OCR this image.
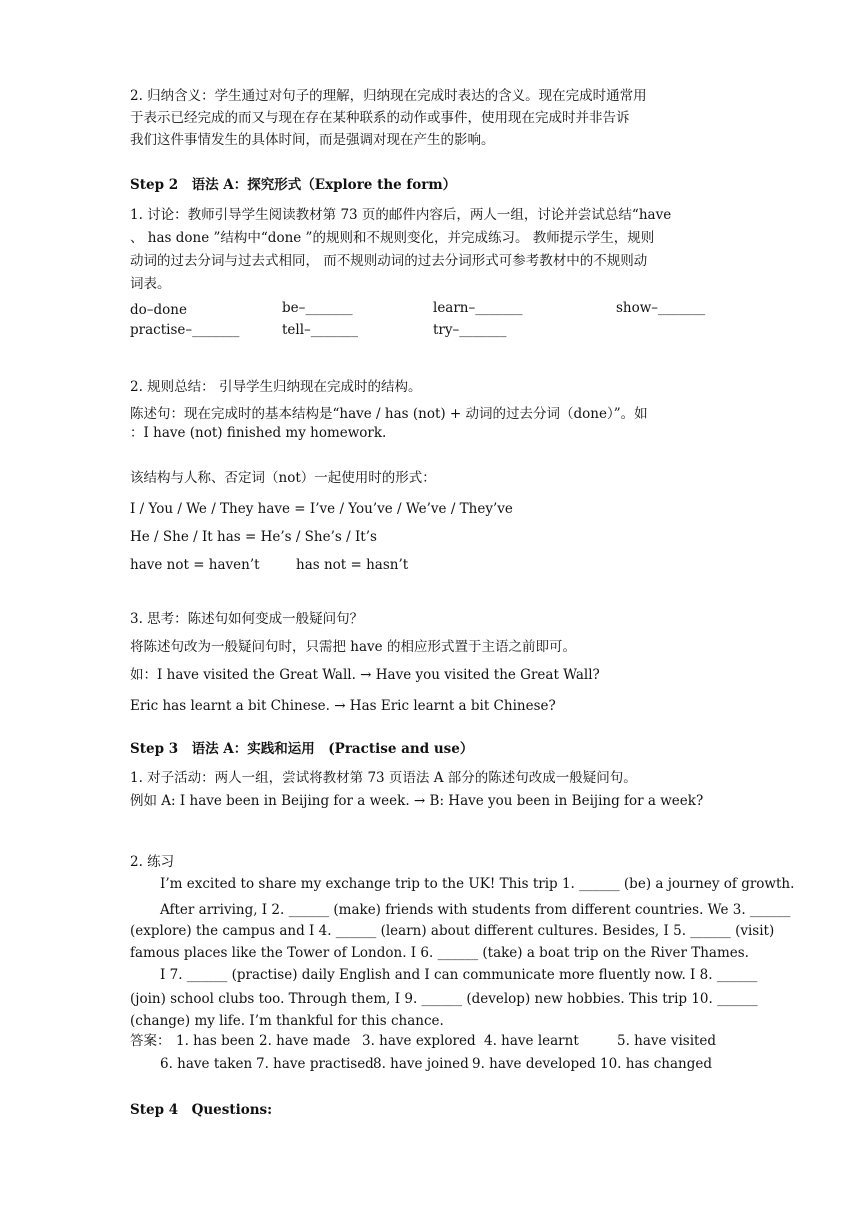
2. 归纳含义：学生通过对句子的理解，归纳现在完成时表达的含义。现在完成时通常用
于表示已经完成的而又与现在存在某种联系的动作或事件，使用现在完成时并非告诉
我们这件事情发生的具体时间，而是强调对现在产生的影响。
Step 2　语法 A：探究形式（Explore the form）
1. 讨论：教师引导学生阅读教材第 73 页的邮件内容后，两人一组，讨论并尝试总结“have
、 has done ”结构中“done ”的规则和不规则变化，并完成练习。 教师提示学生，规则
动词的过去分词与过去式相同， 而不规则动词的过去分词形式可参考教材中的不规则动
词表。
do–done	be–_______	learn–_______	show–_______
practise–_______	tell–_______	try–_______
2. 规则总结： 引导学生归纳现在完成时的结构。
陈述句：现在完成时的基本结构是“have / has (not) + 动词的过去分词（done）”。如
：I have (not) finished my homework.
该结构与人称、否定词（not）一起使用时的形式：
I / You / We / They have = I’ve / You’ve / We’ve / They’ve
He / She / It has = He’s / She’s / It’s
have not = haven’t	has not = hasn’t
3. 思考：陈述句如何变成一般疑问句？
将陈述句改为一般疑问句时，只需把 have 的相应形式置于主语之前即可。
如：I have visited the Great Wall. → Have you visited the Great Wall?
Eric has learnt a bit Chinese. → Has Eric learnt a bit Chinese?
Step 3　语法 A：实践和运用　(Practise and use）
1. 对子活动：两人一组，尝试将教材第 73 页语法 A 部分的陈述句改成一般疑问句。
例如 A: I have been in Beijing for a week. → B: Have you been in Beijing for a week?
2. 练习
I’m excited to share my exchange trip to the UK! This trip 1. ______ (be) a journey of growth.
After arriving, I 2. ______ (make) friends with students from different countries. We 3. ______
(explore) the campus and I 4. ______ (learn) about different cultures. Besides, I 5. ______ (visit)
famous places like the Tower of London. I 6. ______ (take) a boat trip on the River Thames.
I 7. ______ (practise) daily English and I can communicate more fluently now. I 8. ______
(join) school clubs too. Through them, I 9. ______ (develop) new hobbies. This trip 10. ______
(change) my life. I’m thankful for this chance.
答案： 1. has been 2. have made 3. have explored 4. have learnt	5. have visited
6. have taken 7. have practised 8. have joined 9. have developed 10. has changed
Step 4　Questions:
